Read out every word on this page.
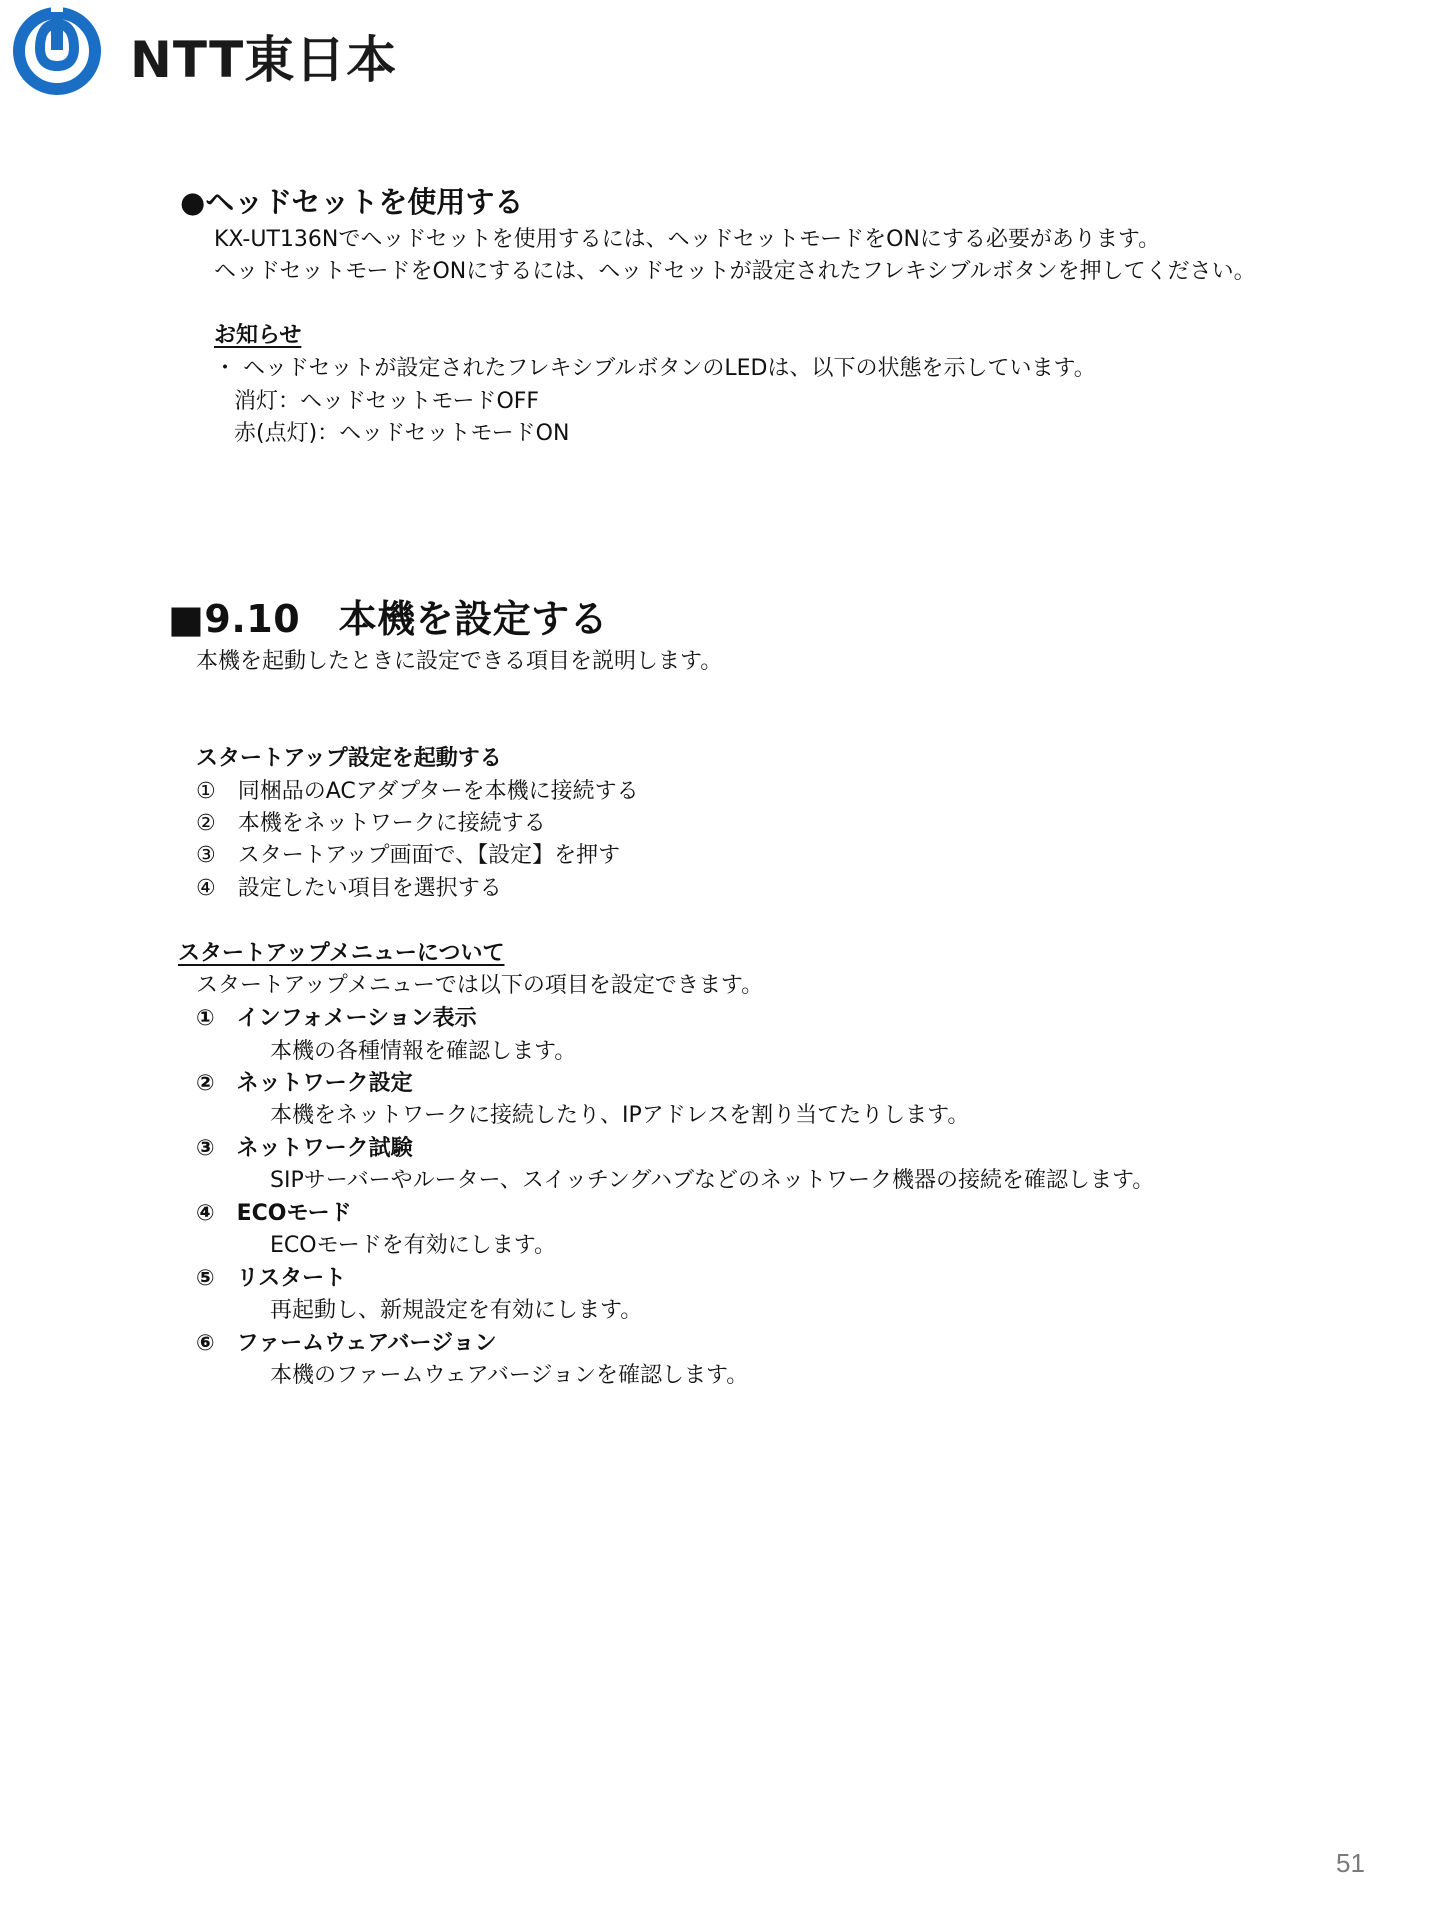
NTT東日本
●ヘッドセットを使用する
KX-UT136Nでヘッドセットを使用するには、ヘッドセットモードをONにする必要があります。
ヘッドセットモードをONにするには、ヘッドセットが設定されたフレキシブルボタンを押してください。
お知らせ
・ ヘッドセットが設定されたフレキシブルボタンのLEDは、以下の状態を示しています。
消灯：ヘッドセットモードOFF
赤(点灯)：ヘッドセットモードON
■9.10　本機を設定する
本機を起動したときに設定できる項目を説明します。
スタートアップ設定を起動する
①　同梱品のACアダプターを本機に接続する
②　本機をネットワークに接続する
③　スタートアップ画面で、【設定】を押す
④　設定したい項目を選択する
スタートアップメニューについて
スタートアップメニューでは以下の項目を設定できます。
①　インフォメーション表示
本機の各種情報を確認します。
②　ネットワーク設定
本機をネットワークに接続したり、IPアドレスを割り当てたりします。
③　ネットワーク試験
SIPサーバーやルーター、スイッチングハブなどのネットワーク機器の接続を確認します。
④　ECOモード
ECOモードを有効にします。
⑤　リスタート
再起動し、新規設定を有効にします。
⑥　ファームウェアバージョン
本機のファームウェアバージョンを確認します。
51
